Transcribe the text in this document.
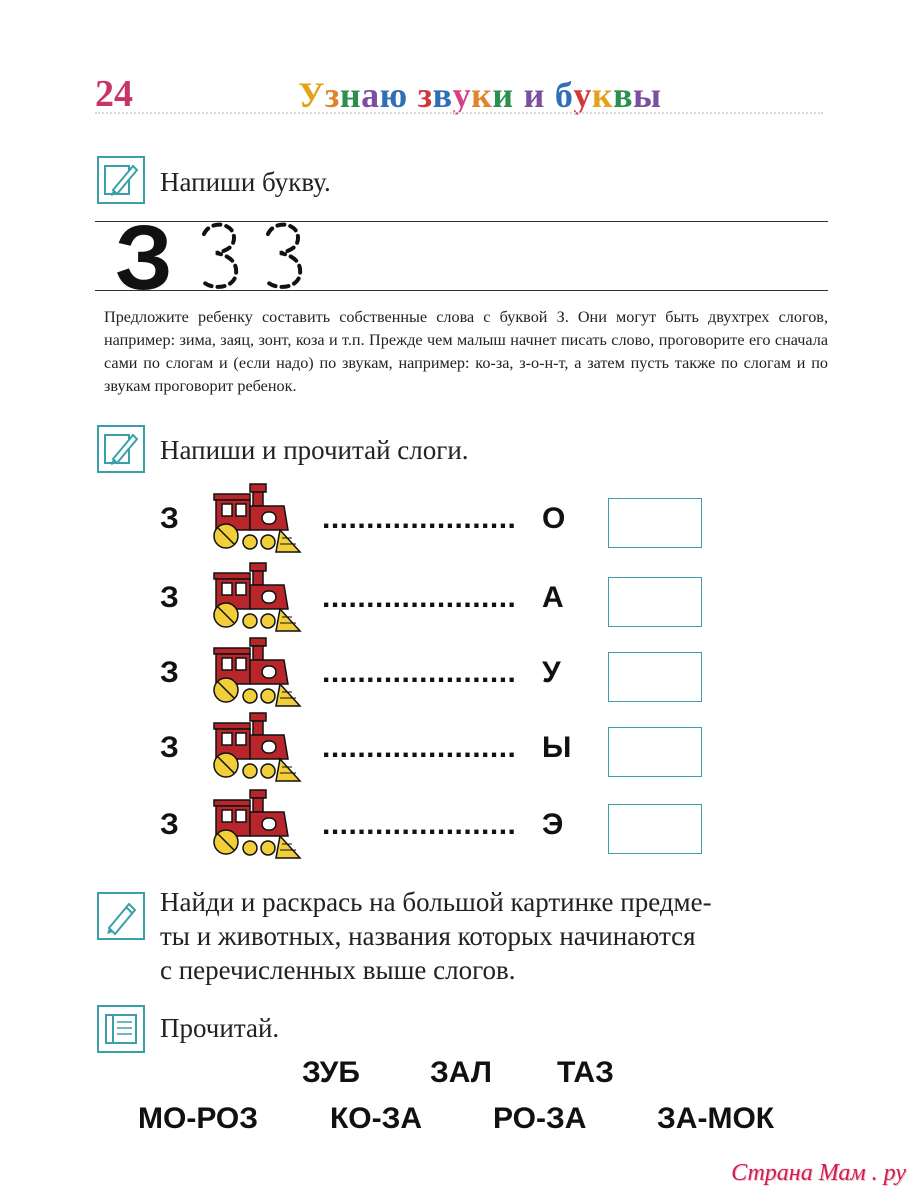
24	Узнаю звуки и буквы
Напиши букву.
З
Предложите ребенку составить собственные слова с буквой З. Они могут быть двухтрех слогов, например: зима, заяц, зонт, коза и т.п. Прежде чем малыш начнет писать слово, проговорите его сначала сами по слогам и (если надо) по звукам, например: ко-за, з-о-н-т, а затем пусть также по слогам и по звукам проговорит ребенок.
Напиши и прочитай слоги.
З	...................... О
З	...................... А
З	...................... У
З	...................... Ы
З	...................... Э
Найди и раскрась на большой картинке предме-
ты и животных, названия которых начинаются
с перечисленных выше слогов.
Прочитай.
ЗУБ ЗАЛ ТАЗ
МО-РОЗ КО-ЗА РО-ЗА ЗА-МОК
Страна Мам . ру
